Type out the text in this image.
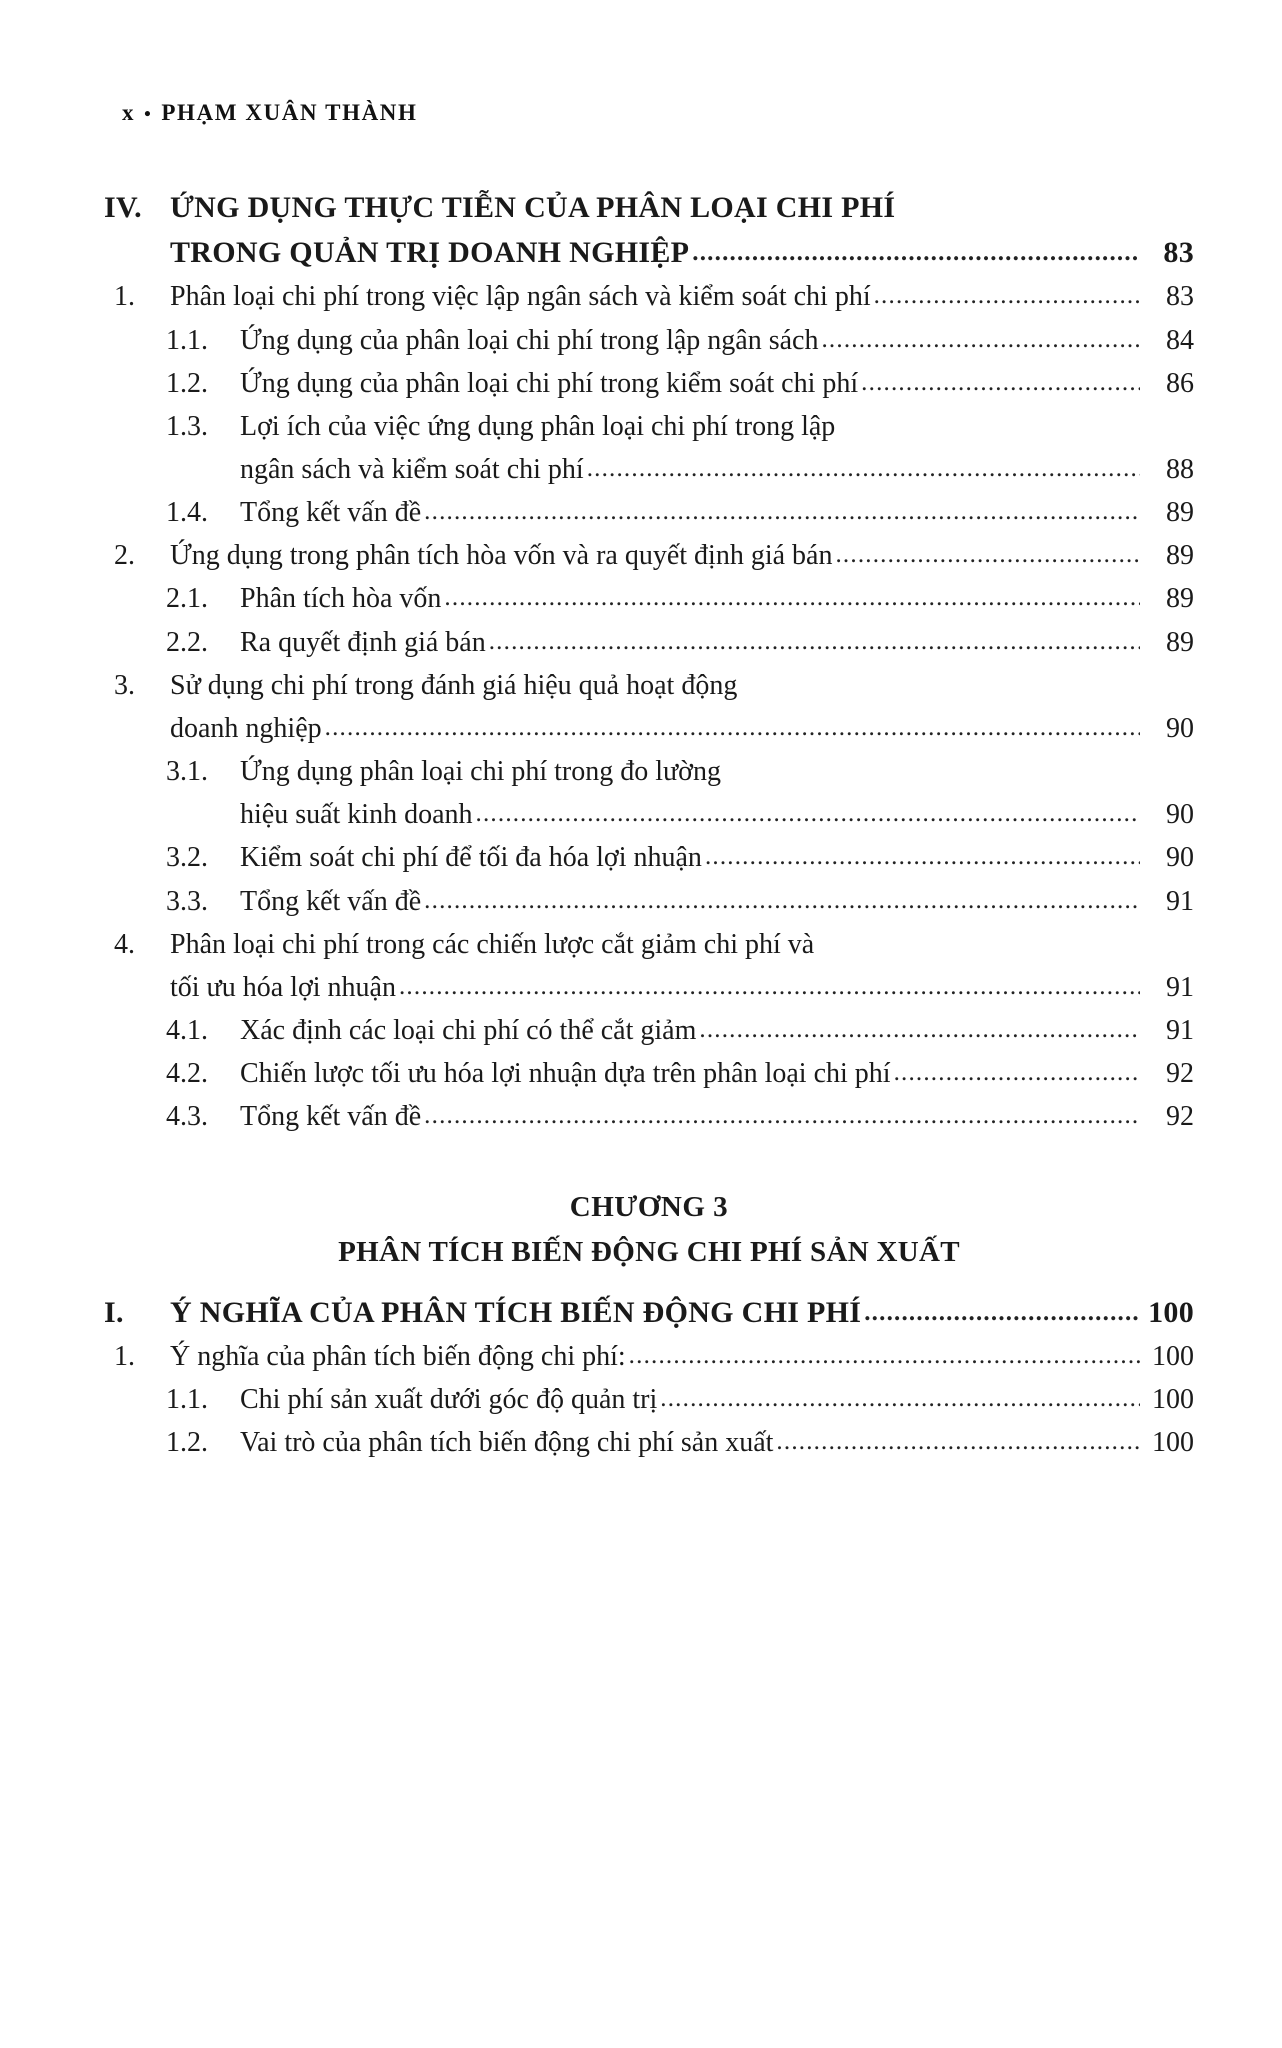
x • PHẠM XUÂN THÀNH
IV. ỨNG DỤNG THỰC TIỄN CỦA PHÂN LOẠI CHI PHÍ

TRONG QUẢN TRỊ DOANH NGHIỆP .....	83
1.	Phân loại chi phí trong việc lập ngân sách và kiểm soát chi phí .....	83
1.1.	Ứng dụng của phân loại chi phí trong lập ngân sách .....	84
1.2.	Ứng dụng của phân loại chi phí trong kiểm soát chi phí .....	86
1.3.	Lợi ích của việc ứng dụng phân loại chi phí trong lập

ngân sách và kiểm soát chi phí .....	88
1.4.	Tổng kết vấn đề .....	89
2.	Ứng dụng trong phân tích hòa vốn và ra quyết định giá bán .....	89
2.1.	Phân tích hòa vốn .....	89
2.2.	Ra quyết định giá bán .....	89
3.	Sử dụng chi phí trong đánh giá hiệu quả hoạt động

doanh nghiệp .....	90
3.1.	Ứng dụng phân loại chi phí trong đo lường

hiệu suất kinh doanh .....	90
3.2.	Kiểm soát chi phí để tối đa hóa lợi nhuận .....	90
3.3.	Tổng kết vấn đề .....	91
4.	Phân loại chi phí trong các chiến lược cắt giảm chi phí và

tối ưu hóa lợi nhuận .....	91
4.1.	Xác định các loại chi phí có thể cắt giảm .....	91
4.2.	Chiến lược tối ưu hóa lợi nhuận dựa trên phân loại chi phí .....	92
4.3.	Tổng kết vấn đề .....	92
CHƯƠNG 3
PHÂN TÍCH BIẾN ĐỘNG CHI PHÍ SẢN XUẤT
I.	Ý NGHĨA CỦA PHÂN TÍCH BIẾN ĐỘNG CHI PHÍ .....	100
1.	Ý nghĩa của phân tích biến động chi phí: .....	100
1.1.	Chi phí sản xuất dưới góc độ quản trị .....	100
1.2.	Vai trò của phân tích biến động chi phí sản xuất .....	100
